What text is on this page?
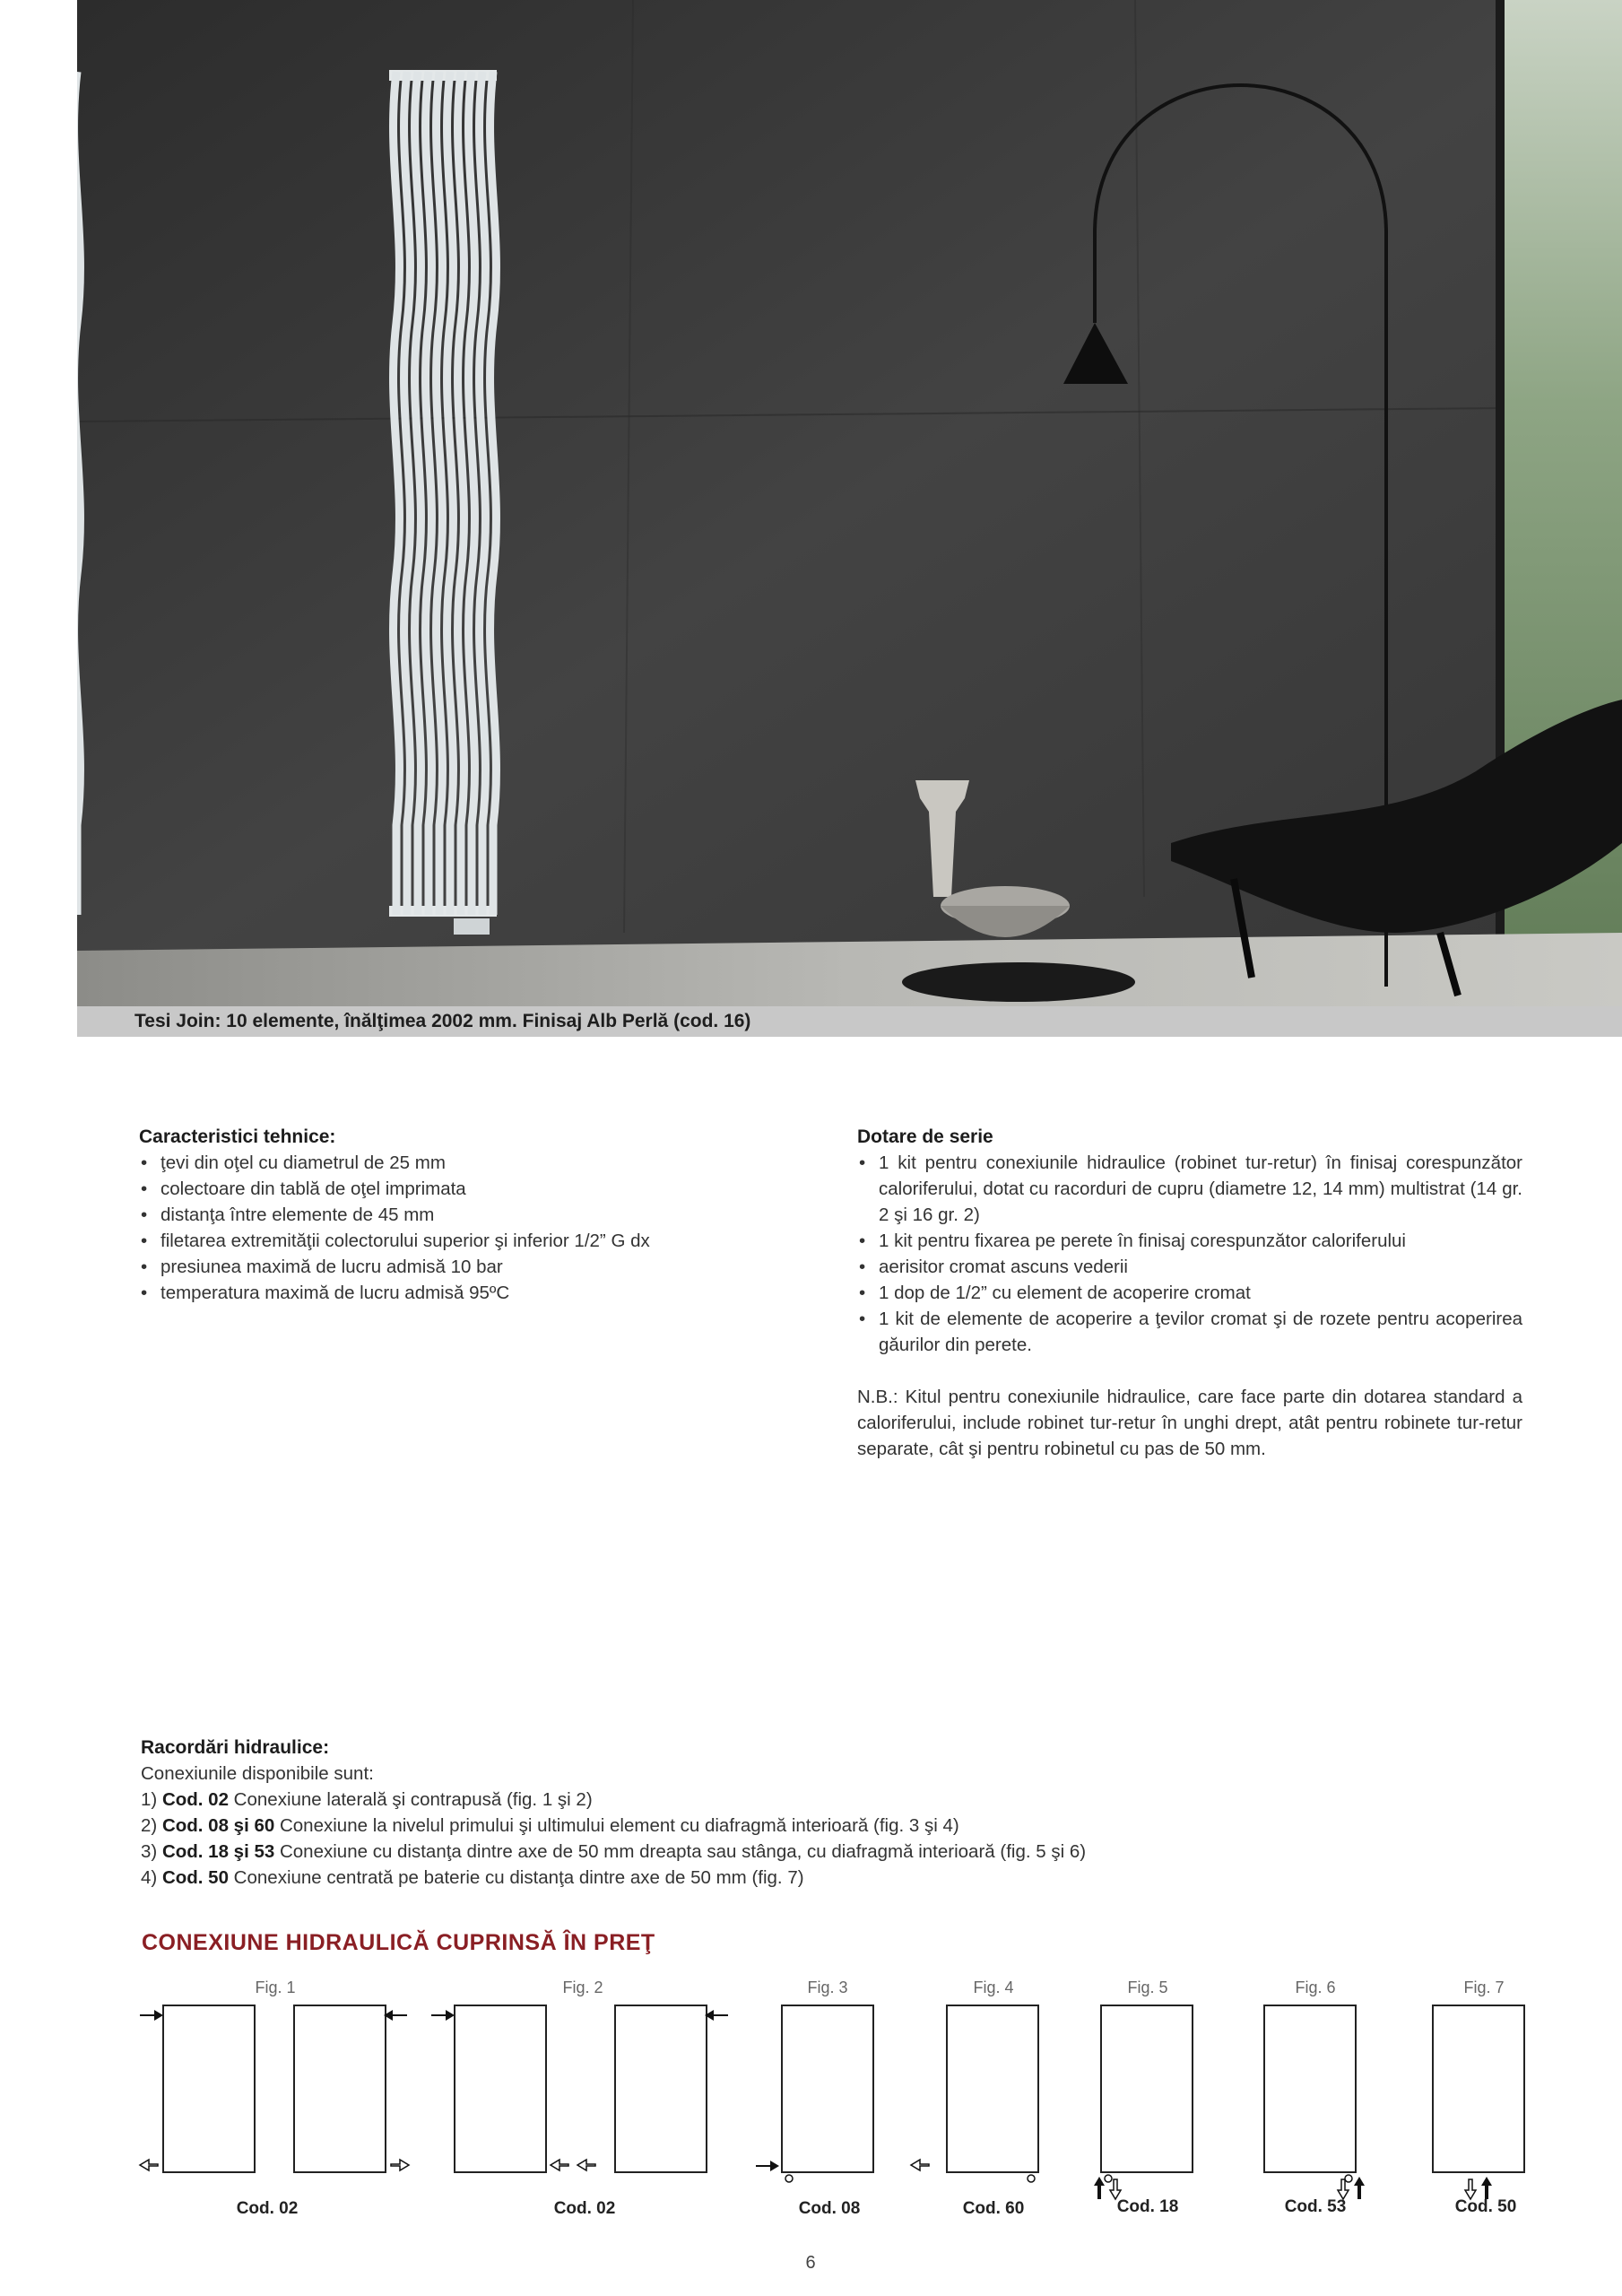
Tesi Join: 10 elemente, înălţimea 2002 mm. Finisaj Alb Perlă (cod. 16)
Caracteristici tehnice:
• ţevi din oţel cu diametrul de 25 mm
• colectoare din tablă de oţel imprimata
• distanţa între elemente de 45 mm
• filetarea extremităţii colectorului superior şi inferior 1/2” G dx
• presiunea maximă de lucru admisă 10 bar
• temperatura maximă de lucru admisă 95ºC
Dotare de serie
• 1 kit pentru conexiunile hidraulice (robinet tur-retur) în finisaj corespunzător caloriferului, dotat cu racorduri de cupru (diametre 12, 14 mm) multistrat (14 gr. 2 şi 16 gr. 2)
• 1 kit pentru fixarea pe perete în finisaj corespunzător caloriferului
• aerisitor cromat ascuns vederii
• 1 dop de 1/2” cu element de acoperire cromat
• 1 kit de elemente de acoperire a ţevilor cromat şi de rozete pentru acoperirea găurilor din perete.

N.B.: Kitul pentru conexiunile hidraulice, care face parte din dotarea standard a caloriferului, include robinet tur-retur în unghi drept, atât pentru robinete tur-retur separate, cât şi pentru robinetul cu pas de 50 mm.

Racordări hidraulice:

Conexiunile disponibile sunt:

1) Cod. 02 Conexiune laterală şi contrapusă (fig. 1 şi 2)

2) Cod. 08 şi 60 Conexiune la nivelul primului şi ultimului element cu diafragmă interioară (fig. 3 şi 4)

3) Cod. 18 şi 53 Conexiune cu distanţa dintre axe de 50 mm dreapta sau stânga, cu diafragmă interioară (fig. 5 şi 6)

4) Cod. 50 Conexiune centrată pe baterie cu distanţa dintre axe de 50 mm (fig. 7)

CONEXIUNE HIDRAULICĂ CUPRINSĂ ÎN PREŢ
Fig. 1	Fig. 2	Fig. 3	Fig. 4	Fig. 5	Fig. 6	Fig. 7
Cod. 02	Cod. 02	Cod. 08	Cod. 60	Cod. 18	Cod. 53	Cod. 50
6
